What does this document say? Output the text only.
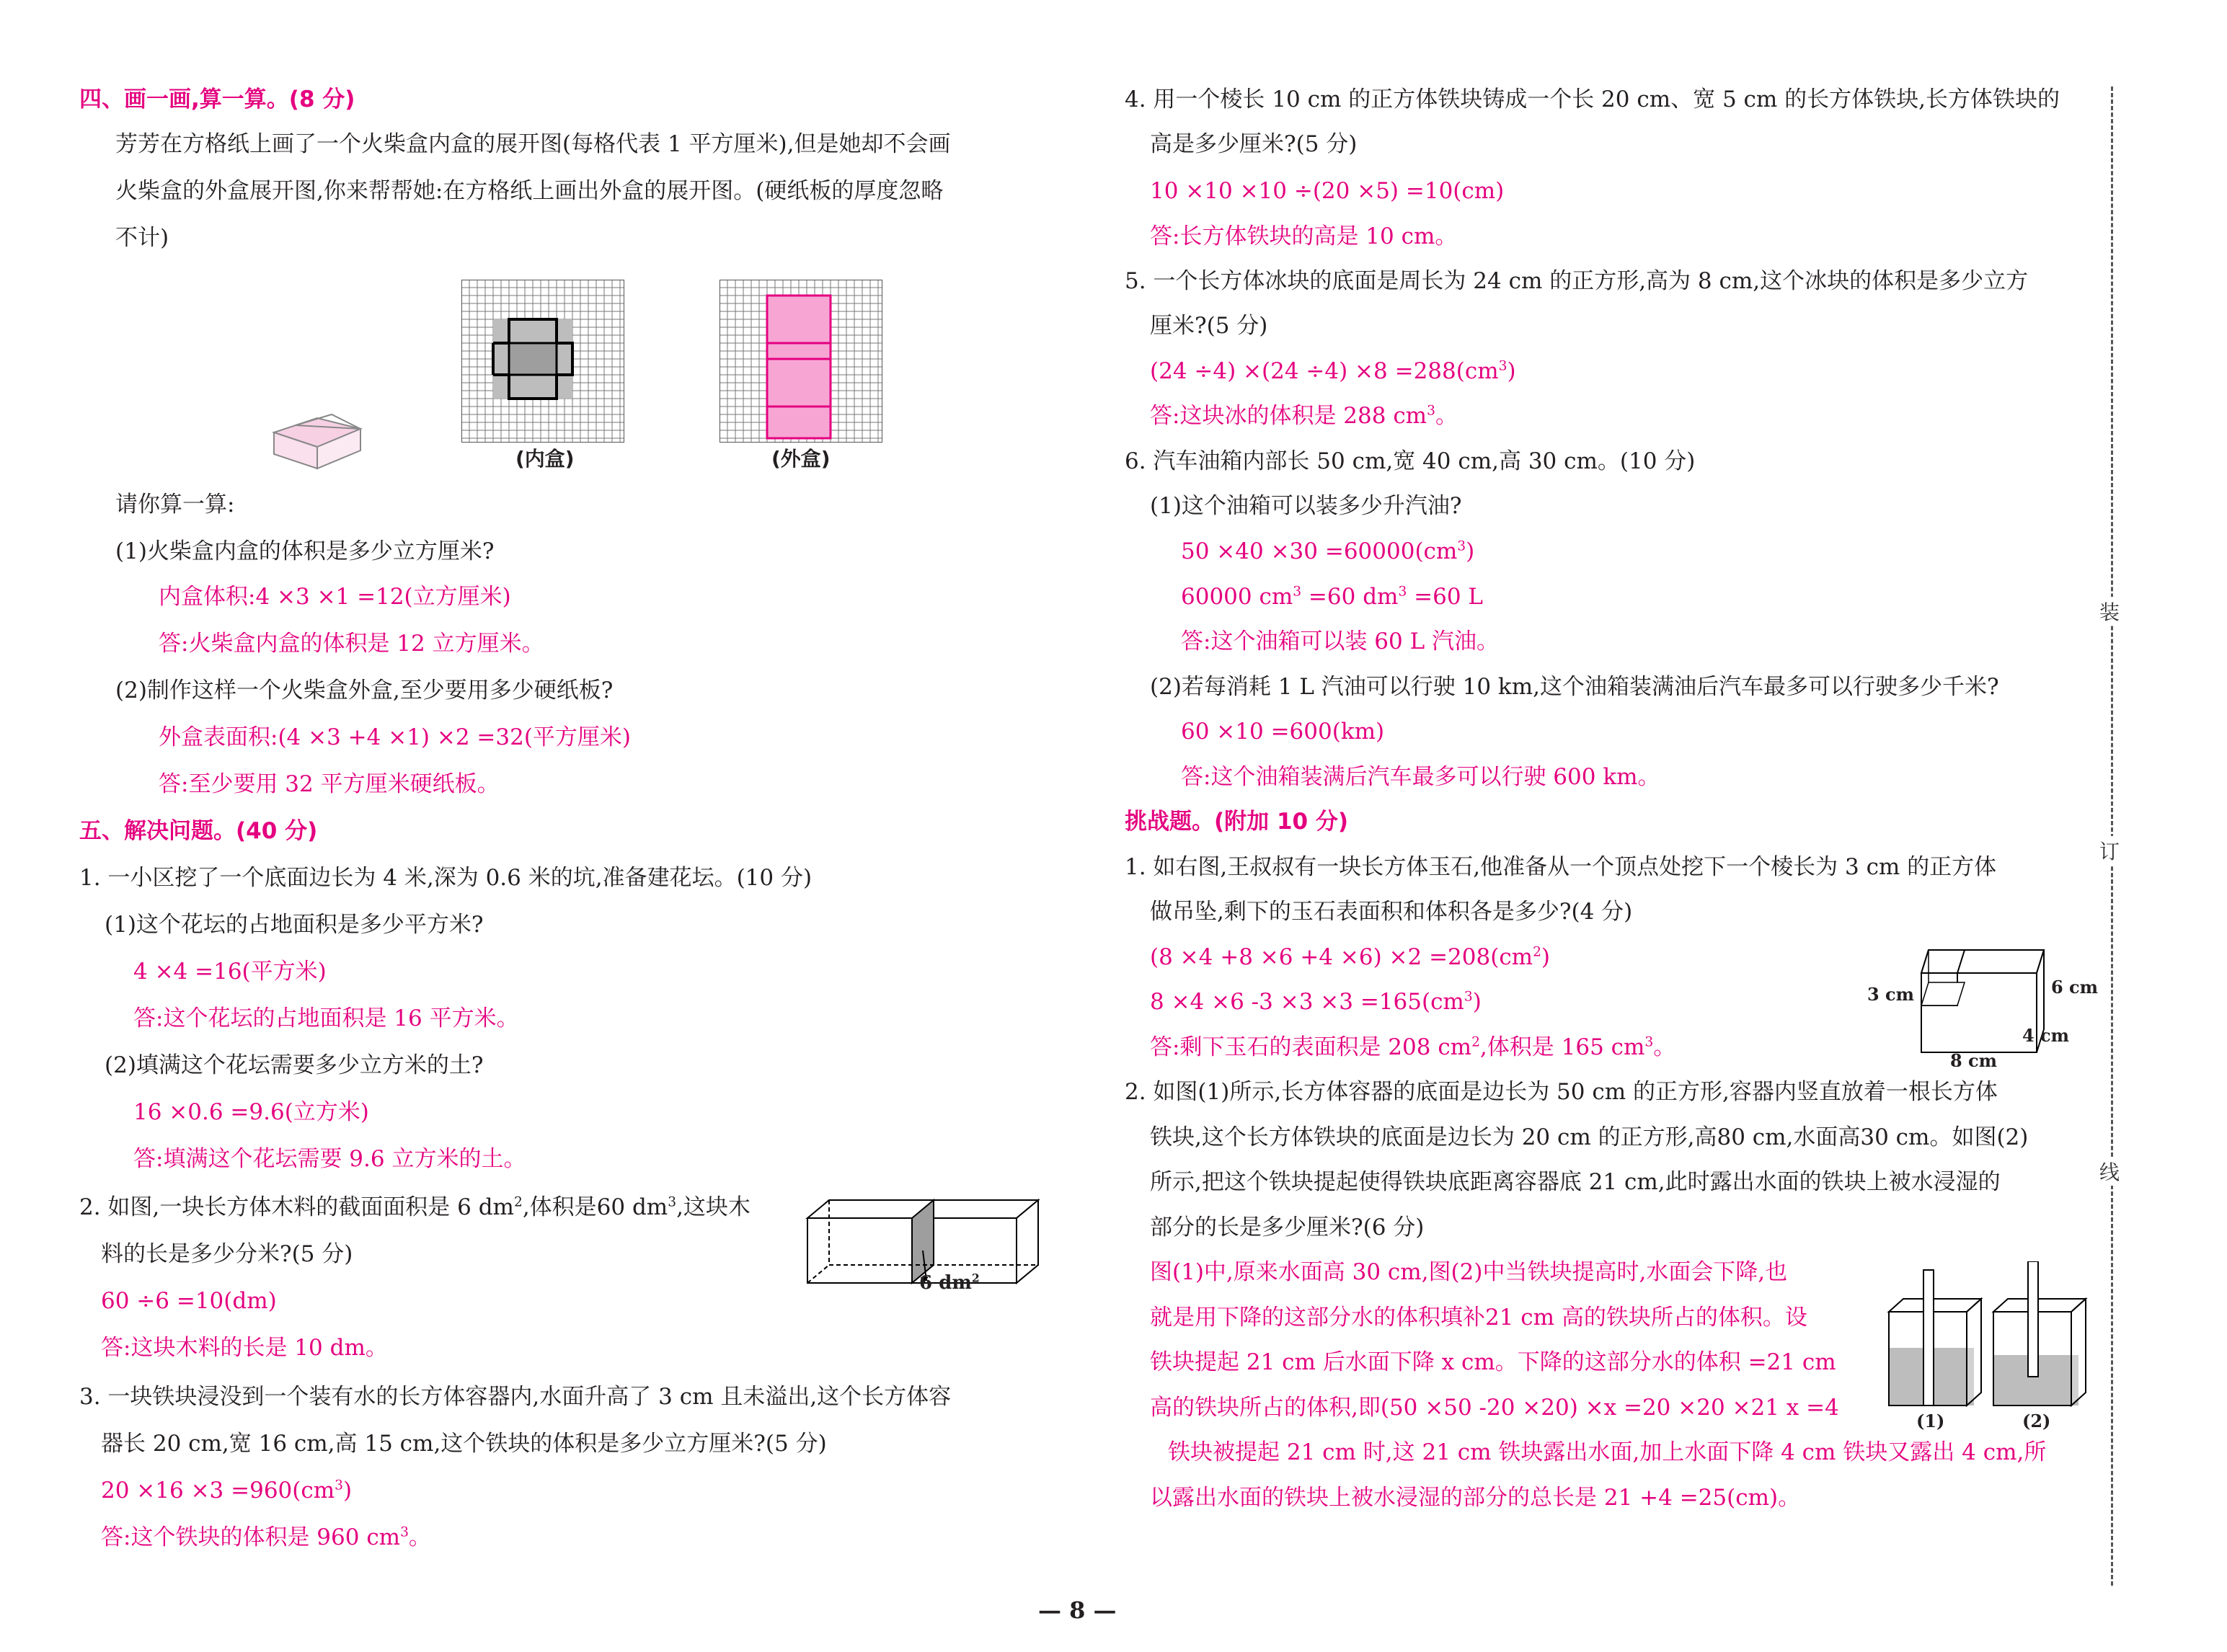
四、画一画,算一算。(8 分)
芳芳在方格纸上画了一个火柴盒内盒的展开图(每格代表 1 平方厘米),但是她却不会画
火柴盒的外盒展开图,你来帮帮她:在方格纸上画出外盒的展开图。(硬纸板的厚度忽略
不计)
(内盒)	(外盒)
请你算一算:
(1)火柴盒内盒的体积是多少立方厘米?
内盒体积:4 ×3 ×1 =12(立方厘米)
答:火柴盒内盒的体积是 12 立方厘米。
(2)制作这样一个火柴盒外盒,至少要用多少硬纸板?
外盒表面积:(4 ×3 +4 ×1) ×2 =32(平方厘米)
答:至少要用 32 平方厘米硬纸板。
五、解决问题。(40 分)
1. 一小区挖了一个底面边长为 4 米,深为 0.6 米的坑,准备建花坛。(10 分)
(1)这个花坛的占地面积是多少平方米?
4 ×4 =16(平方米)
答:这个花坛的占地面积是 16 平方米。
(2)填满这个花坛需要多少立方米的土?
16 ×0.6 =9.6(立方米)
答:填满这个花坛需要 9.6 立方米的土。
2. 如图,一块长方体木料的截面面积是 6 $dm^2$,体积是60 $dm^3$,这块木
料的长是多少分米?(5 分)
60 ÷6 =10(dm)
答:这块木料的长是 10 dm。
6 $dm^2$
3. 一块铁块浸没到一个装有水的长方体容器内,水面升高了 3 cm 且未溢出,这个长方体容
器长 20 cm,宽 16 cm,高 15 cm,这个铁块的体积是多少立方厘米?(5 分)
$20 \times 16 \times 3 =960(cm^3)$
答:这个铁块的体积是 960 $cm^3$。
4. 用一个棱长 10 cm 的正方体铁块铸成一个长 20 cm、宽 5 cm 的长方体铁块,长方体铁块的
高是多少厘米?(5 分)
10 ×10 ×10 ÷(20 ×5) =10(cm)
答:长方体铁块的高是 10 cm。
5. 一个长方体冰块的底面是周长为 24 cm 的正方形,高为 8 cm,这个冰块的体积是多少立方
厘米?(5 分)
$(24 \div 4) \times(24 \div 4) \times 8 =288(cm^3)$
答:这块冰的体积是 288 $cm^3$。
6. 汽车油箱内部长 50 cm,宽 40 cm,高 30 cm。(10 分)
(1)这个油箱可以装多少升汽油?
$50 \times 40 \times 30 =60000(cm^3)$
60000 $cm^3 =60$ $dm^3 =60$ L
答:这个油箱可以装 60 L 汽油。
(2)若每消耗 1 L 汽油可以行驶 10 km,这个油箱装满油后汽车最多可以行驶多少千米?
60 ×10 =600(km)
答:这个油箱装满后汽车最多可以行驶 600 km。
挑战题。(附加 10 分)
1. 如右图,王叔叔有一块长方体玉石,他准备从一个顶点处挖下一个棱长为 3 cm 的正方体
做吊坠,剩下的玉石表面积和体积各是多少?(4 分)
$(8 \times 4 +8 \times 6 +4 \times 6) \times 2 =208(cm^2)$
8 ×4 ×6 $-3 \times 3 \times 3 =165(cm^3)$
答:剩下玉石的表面积是 208 $cm^2$,体积是 165 $cm^3$。
3 cm	6 cm
4 cm
8 cm
2. 如图(1)所示,长方体容器的底面是边长为 50 cm 的正方形,容器内竖直放着一根长方体
铁块,这个长方体铁块的底面是边长为 20 cm 的正方形,高80 cm,水面高30 cm。如图(2)
所示,把这个铁块提起使得铁块底距离容器底 21 cm,此时露出水面的铁块上被水浸湿的
部分的长是多少厘米?(6 分)
图(1)中,原来水面高 30 cm,图(2)中当铁块提高时,水面会下降,也
就是用下降的这部分水的体积填补21 cm 高的铁块所占的体积。设
铁块提起 21 cm 后水面下降 x cm。下降的这部分水的体积 =21 cm
高的铁块所占的体积,即(50 ×50 -20 ×20) ×x =20 ×20 ×21 x =4
铁块被提起 21 cm 时,这 21 cm 铁块露出水面,加上水面下降 4 cm 铁块又露出 4 cm,所
以露出水面的铁块上被水浸湿的部分的总长是 21 +4 =25(cm)。
(1)	(2)
装
订
线
— 8 —
